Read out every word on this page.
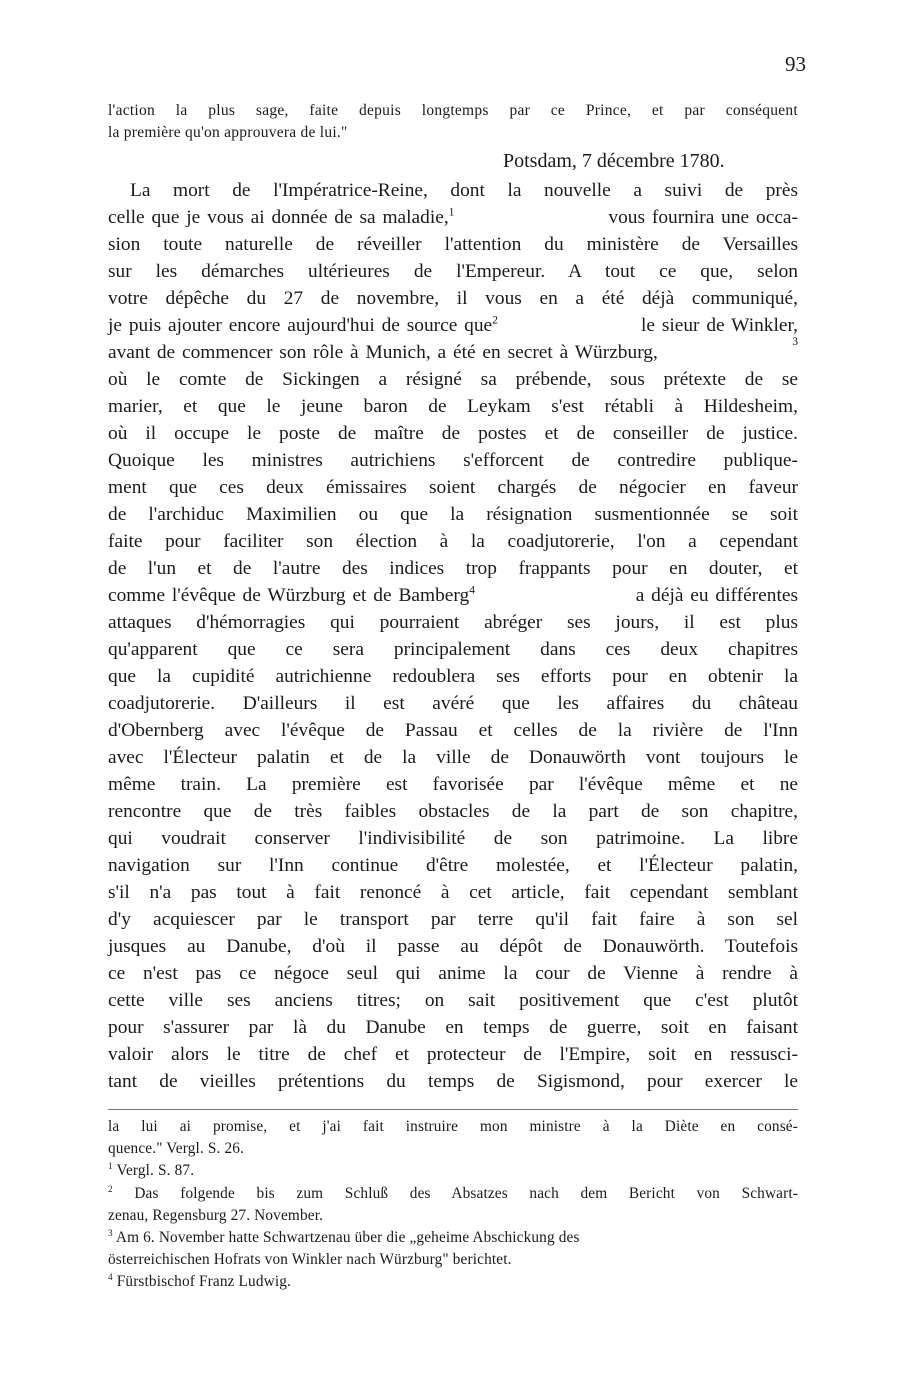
93
l'action la plus sage, faite depuis longtemps par ce Prince, et par conséquent
la première qu'on approuvera de lui."
Potsdam, 7 décembre 1780.
La mort de l'Impératrice-Reine, dont la nouvelle a suivi de près
celle que je vous ai donnée de sa maladie,$^1$	vous fournira une occa-
sion toute naturelle de réveiller l'attention du ministère de Versailles
sur les démarches ultérieures de l'Empereur. A tout ce que, selon
votre dépêche du 27 de novembre, il vous en a été déjà communiqué,
je puis ajouter encore aujourd'hui de source que$^2$	le sieur de Winkler,
avant de commencer son rôle à Munich, a été en secret à Würzburg,
3
où le comte de Sickingen a résigné sa prébende, sous prétexte de se
marier, et que le jeune baron de Leykam s'est rétabli à Hildesheim,
où il occupe le poste de maître de postes et de conseiller de justice.
Quoique les ministres autrichiens s'efforcent de contredire publique-
ment que ces deux émissaires soient chargés de négocier en faveur
de l'archiduc Maximilien ou que la résignation susmentionnée se soit
faite pour faciliter son élection à la coadjutorerie, l'on a cependant
de l'un et de l'autre des indices trop frappants pour en douter, et
comme l'évêque de Würzburg et de Bamberg$^4$	a déjà eu différentes
attaques d'hémorragies qui pourraient abréger ses jours, il est plus
qu'apparent que ce sera principalement dans ces deux chapitres
que la cupidité autrichienne redoublera ses efforts pour en obtenir la
coadjutorerie. D'ailleurs il est avéré que les affaires du château
d'Obernberg avec l'évêque de Passau et celles de la rivière de l'Inn
avec l'Électeur palatin et de la ville de Donauwörth vont toujours le
même train. La première est favorisée par l'évêque même et ne
rencontre que de très faibles obstacles de la part de son chapitre,
qui voudrait conserver l'indivisibilité de son patrimoine. La libre
navigation sur l'Inn continue d'être molestée, et l'Électeur palatin,
s'il n'a pas tout à fait renoncé à cet article, fait cependant semblant
d'y acquiescer par le transport par terre qu'il fait faire à son sel
jusques au Danube, d'où il passe au dépôt de Donauwörth. Toutefois
ce n'est pas ce négoce seul qui anime la cour de Vienne à rendre à
cette ville ses anciens titres; on sait positivement que c'est plutôt
pour s'assurer par là du Danube en temps de guerre, soit en faisant
valoir alors le titre de chef et protecteur de l'Empire, soit en ressusci-
tant de vieilles prétentions du temps de Sigismond, pour exercer le
la lui ai promise, et j'ai fait instruire mon ministre à la Diète en consé-
quence." Vergl. S. 26.
$^1$ Vergl. S. 87.
$^2$ Das folgende bis zum Schluß des Absatzes nach dem Bericht von Schwart-
zenau, Regensburg 27. November.
$^3$ Am 6. November hatte Schwartzenau über die „geheime Abschickung des
österreichischen Hofrats von Winkler nach Würzburg" berichtet.
$^4$ Fürstbischof Franz Ludwig.
